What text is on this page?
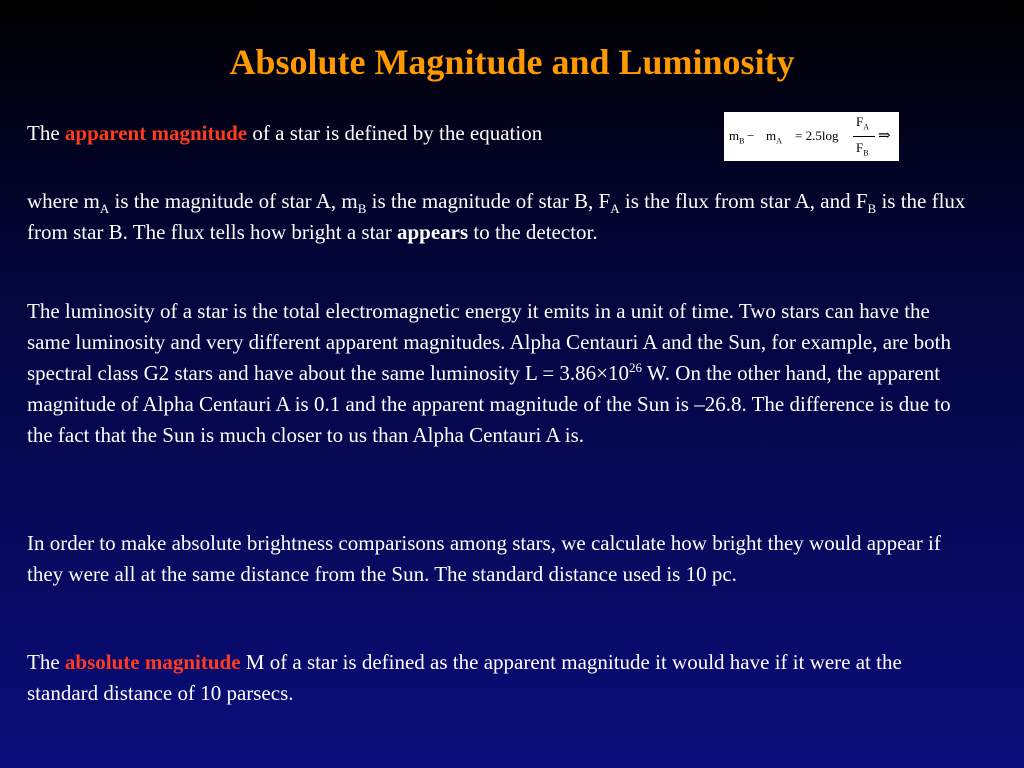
Absolute Magnitude and Luminosity

The apparent magnitude of a star is defined by the equation	$m_B - m_A = 2.5\log$
$F_A$
$F_B$
⇒

where $m_A$ is the magnitude of star A, $m_B$ is the magnitude of star B, $F_A$ is the flux from star A, and $F_B$ is the flux from star B. The flux tells how bright a star appears to the detector.

The luminosity of a star is the total electromagnetic energy it emits in a unit of time. Two stars can have the same luminosity and very different apparent magnitudes. Alpha Centauri A and the Sun, for example, are both spectral class G2 stars and have about the same luminosity $L = 3.86\times 10^{26}$ W. On the other hand, the apparent magnitude of Alpha Centauri A is 0.1 and the apparent magnitude of the Sun is –26.8. The difference is due to the fact that the Sun is much closer to us than Alpha Centauri A is.

In order to make absolute brightness comparisons among stars, we calculate how bright they would appear if they were all at the same distance from the Sun. The standard distance used is 10 pc.

The absolute magnitude M of a star is defined as the apparent magnitude it would have if it were at the standard distance of 10 parsecs.
